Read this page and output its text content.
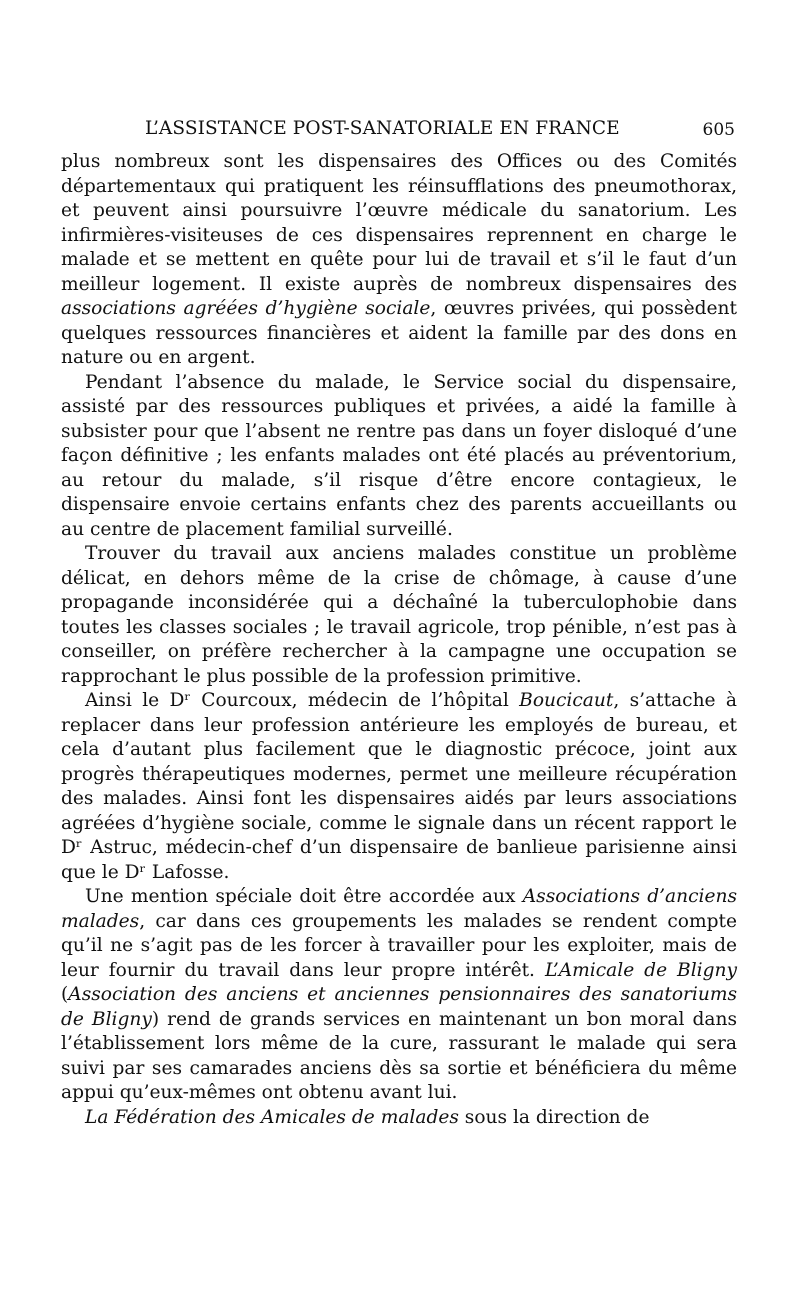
L’ASSISTANCE POST-SANATORIALE EN FRANCE	605

plus nombreux sont les dispensaires des Offices ou des Comités départementaux qui pratiquent les réinsufflations des pneumothorax, et peuvent ainsi poursuivre l’œuvre médicale du sanatorium. Les infirmières-visiteuses de ces dispensaires reprennent en charge le malade et se mettent en quête pour lui de travail et s’il le faut d’un meilleur logement. Il existe auprès de nombreux dispensaires des associations agréées d’hygiène sociale, œuvres privées, qui possèdent quelques ressources financières et aident la famille par des dons en nature ou en argent.

Pendant l’absence du malade, le Service social du dispensaire, assisté par des ressources publiques et privées, a aidé la famille à subsister pour que l’absent ne rentre pas dans un foyer disloqué d’une façon définitive ; les enfants malades ont été placés au préventorium, au retour du malade, s’il risque d’être encore contagieux, le dispensaire envoie certains enfants chez des parents accueillants ou au centre de placement familial surveillé.

Trouver du travail aux anciens malades constitue un problème délicat, en dehors même de la crise de chômage, à cause d’une propagande inconsidérée qui a déchaîné la tuberculophobie dans toutes les classes sociales ; le travail agricole, trop pénible, n’est pas à conseiller, on préfère rechercher à la campagne une occupation se rapprochant le plus possible de la profession primitive.

Ainsi le Dʳ Courcoux, médecin de l’hôpital Boucicaut, s’attache à replacer dans leur profession antérieure les employés de bureau, et cela d’autant plus facilement que le diagnostic précoce, joint aux progrès thérapeutiques modernes, permet une meilleure récupération des malades. Ainsi font les dispensaires aidés par leurs associations agréées d’hygiène sociale, comme le signale dans un récent rapport le Dʳ Astruc, médecin-chef d’un dispensaire de banlieue parisienne ainsi que le Dʳ Lafosse.

Une mention spéciale doit être accordée aux Associations d’anciens malades, car dans ces groupements les malades se rendent compte qu’il ne s’agit pas de les forcer à travailler pour les exploiter, mais de leur fournir du travail dans leur propre intérêt. L’Amicale de Bligny (Association des anciens et anciennes pensionnaires des sanatoriums de Bligny) rend de grands services en maintenant un bon moral dans l’établissement lors même de la cure, rassurant le malade qui sera suivi par ses camarades anciens dès sa sortie et bénéficiera du même appui qu’eux-mêmes ont obtenu avant lui.

La Fédération des Amicales de malades sous la direction de
